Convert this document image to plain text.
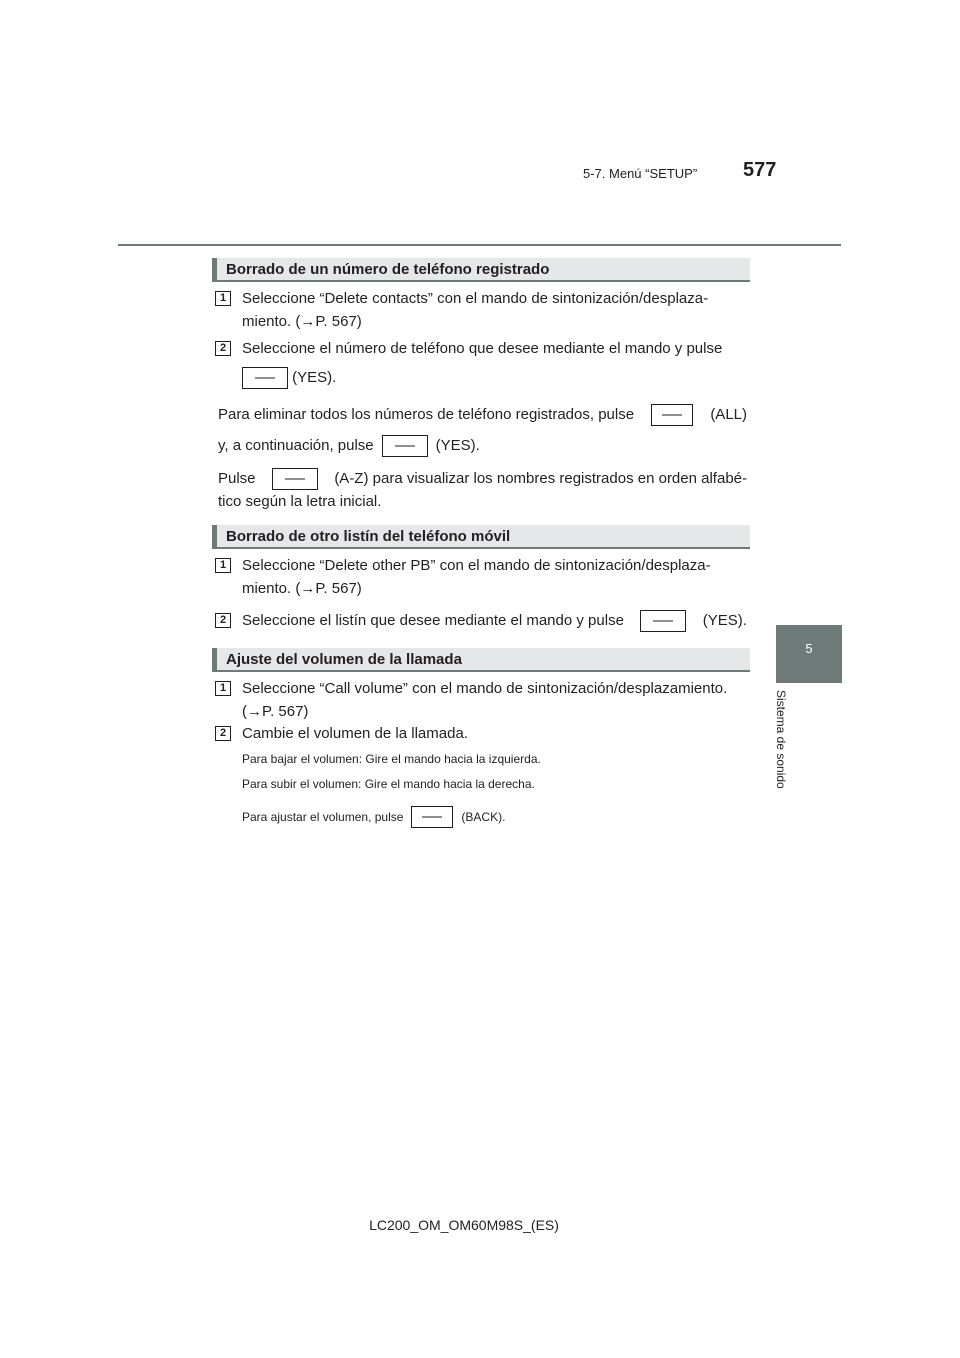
5-7. Menú “SETUP” 577
5
Sistema de sonido
Borrado de un número de teléfono registrado
1	Seleccione “Delete contacts” con el mando de sintonización/desplaza-
miento. (→P. 567)
2	Seleccione el número de teléfono que desee mediante el mando y pulse
(YES).
Para eliminar todos los números de teléfono registrados, pulse	(ALL)
y, a continuación, pulse	(YES).
Pulse	(A-Z) para visualizar los nombres registrados en orden alfabé-
tico según la letra inicial.
Borrado de otro listín del teléfono móvil
1	Seleccione “Delete other PB” con el mando de sintonización/desplaza-
miento. (→P. 567)
2	Seleccione el listín que desee mediante el mando y pulse	(YES).
Ajuste del volumen de la llamada
1	Seleccione “Call volume” con el mando de sintonización/desplazamiento.
(→P. 567)
2	Cambie el volumen de la llamada.
Para bajar el volumen: Gire el mando hacia la izquierda.
Para subir el volumen: Gire el mando hacia la derecha.
Para ajustar el volumen, pulse	(BACK).
LC200_OM_OM60M98S_(ES)
